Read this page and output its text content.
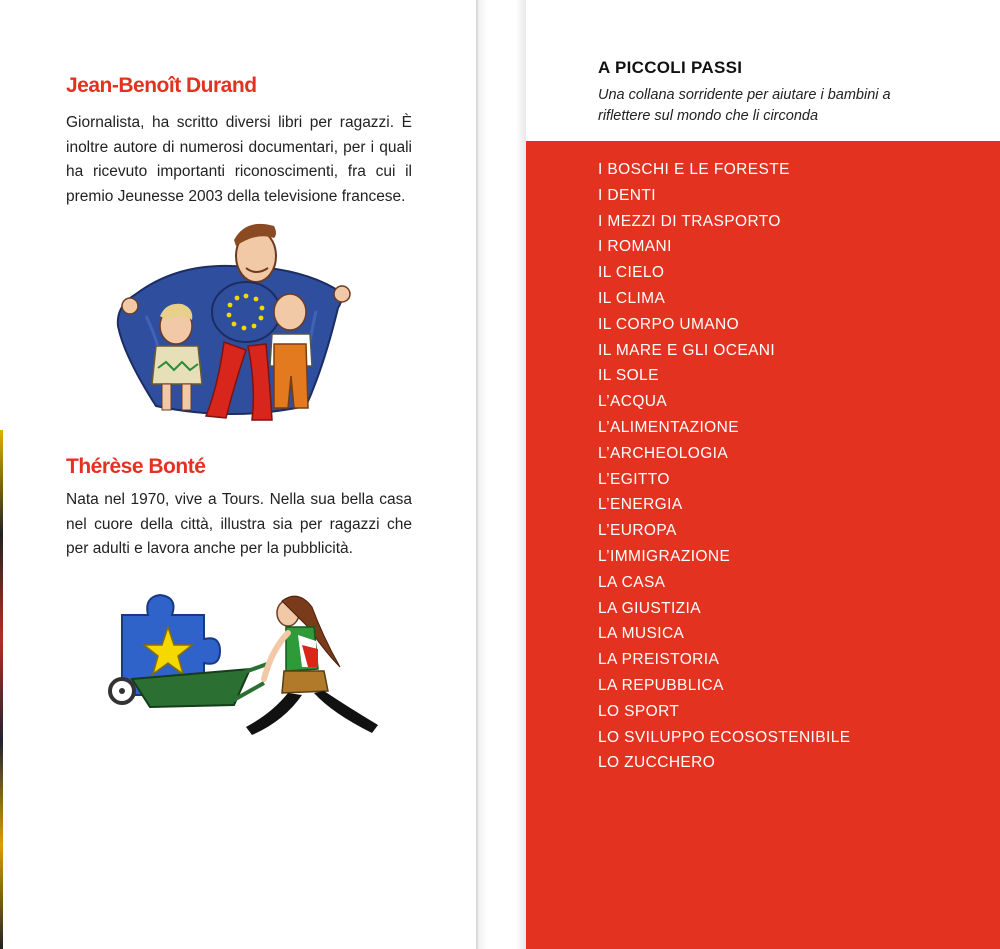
Jean-Benoît Durand

Giornalista, ha scritto diversi libri per ragazzi. È inoltre autore di numerosi documentari, per i quali ha ricevuto importanti riconoscimenti, fra cui il premio Jeunesse 2003 della televisione francese.

Thérèse Bonté

Nata nel 1970, vive a Tours. Nella sua bella casa nel cuore della città, illustra sia per ragazzi che per adulti e lavora anche per la pubblicità.

A PICCOLI PASSI

Una collana sorridente per aiutare i bambini a riflettere sul mondo che li circonda

I BOSCHI E LE FORESTE
I DENTI
I MEZZI DI TRASPORTO
I ROMANI
IL CIELO
IL CLIMA
IL CORPO UMANO
IL MARE E GLI OCEANI
IL SOLE
L’ACQUA
L’ALIMENTAZIONE
L’ARCHEOLOGIA
L’EGITTO
L’ENERGIA
L’EUROPA
L’IMMIGRAZIONE
LA CASA
LA GIUSTIZIA
LA MUSICA
LA PREISTORIA
LA REPUBBLICA
LO SPORT
LO SVILUPPO ECOSOSTENIBILE
LO ZUCCHERO
